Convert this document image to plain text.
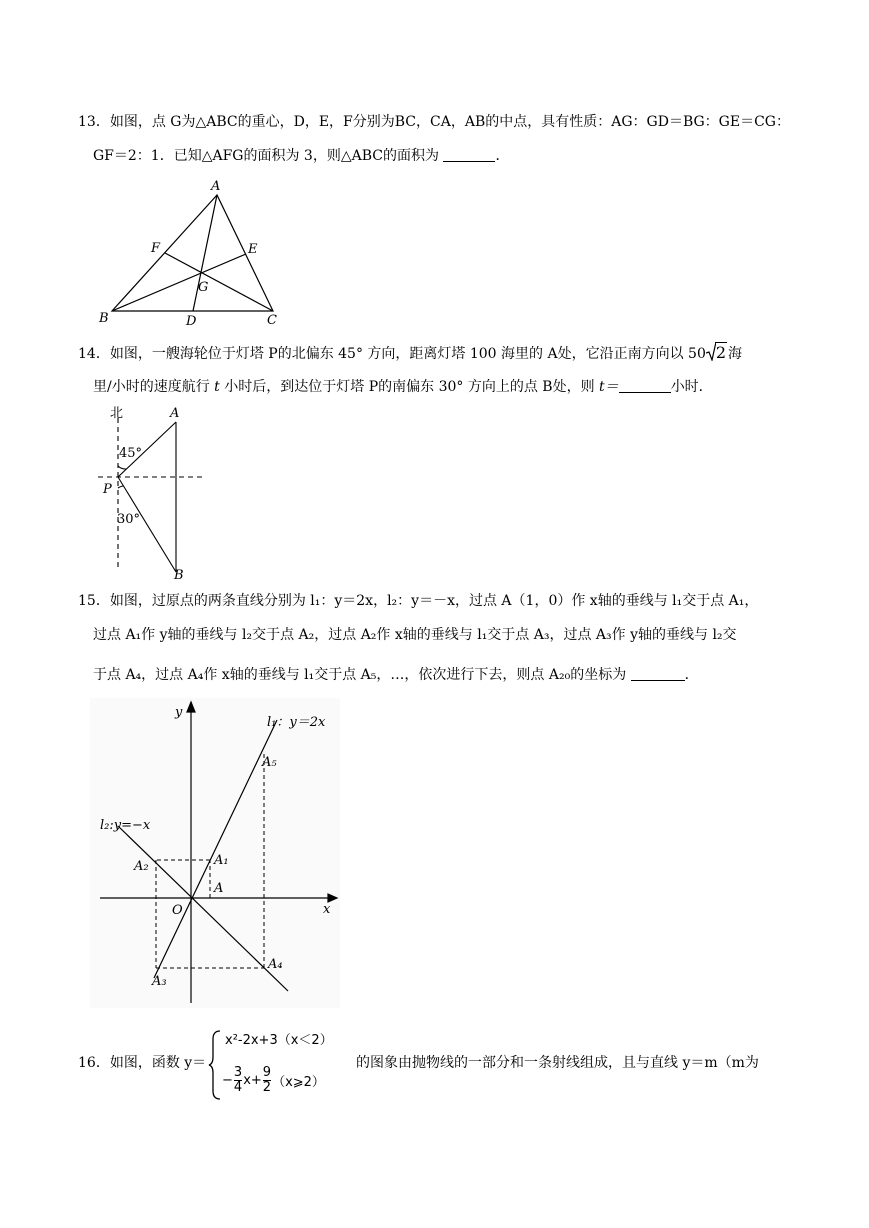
13．如图，点 G为△ABC的重心，D，E，F分别为BC，CA，AB的中点，具有性质：AG：GD＝BG：GE＝CG：
GF＝2：1．已知△AFG的面积为 3，则△ABC的面积为	．
A
B	C
D
E
F
G
14．如图，一艘海轮位于灯塔 P的北偏东 45° 方向，距离灯塔 100 海里的 A处，它沿正南方向以 50 2 海
里/小时的速度航行 t 小时后，到达位于灯塔 P的南偏东 30° 方向上的点 B处，则 t＝	小时．
北	A
P
B
45°
30°
15．如图，过原点的两条直线分别为 l₁：y＝2x，l₂：y＝－x，过点 A（1，0）作 x轴的垂线与 l₁交于点 A₁，
过点 A₁作 y轴的垂线与 l₂交于点 A₂，过点 A₂作 x轴的垂线与 l₁交于点 A₃，过点 A₃作 y轴的垂线与 l₂交
于点 A₄，过点 A₄作 x轴的垂线与 l₁交于点 A₅，…，依次进行下去，则点 A₂₀的坐标为	．
y
x
O
A
A₁
A₂
A₃
A₄
A₅
l₁：y＝2x
l₂:y=−x
16．如图，函数 y＝
x²-2x+3（x＜2）
− $\frac{3}{4} x+ \frac{9}{2}$ （x⩾2）
的图象由抛物线的一部分和一条射线组成，且与直线 y＝m（m为
